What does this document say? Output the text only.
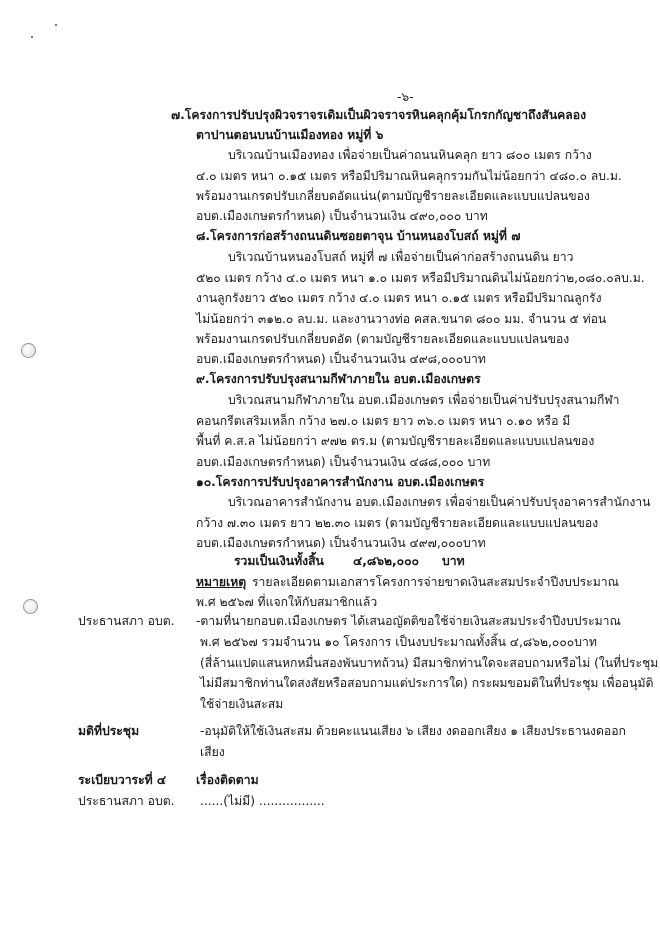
-๖-
๗.โครงการปรับปรุงผิวจราจรเดิมเป็นผิวจราจรหินคลุกคุ้มโกรกกัญชาถึงสันคลอง
ตาปานตอนบนบ้านเมืองทอง หมู่ที่ ๖
บริเวณบ้านเมืองทอง เพื่อจ่ายเป็นค่าถนนหินคลุก ยาว ๘๐๐ เมตร กว้าง
๔.๐ เมตร หนา ๐.๑๕ เมตร หรือมีปริมาณหินคลุกรวมกันไม่น้อยกว่า ๔๘๐.๐ ลบ.ม.
พร้อมงานเกรดปรับเกลี่ยบดอัดแน่น(ตามบัญชีรายละเอียดและแบบแปลนของ
อบต.เมืองเกษตรกำหนด) เป็นจำนวนเงิน ๔๙๐,๐๐๐ บาท
๘.โครงการก่อสร้างถนนดินซอยตาจุน บ้านหนองโบสถ์ หมู่ที่ ๗
บริเวณบ้านหนองโบสถ์ หมู่ที่ ๗ เพื่อจ่ายเป็นค่าก่อสร้างถนนดิน ยาว
๕๒๐ เมตร กว้าง ๔.๐ เมตร หนา ๑.๐ เมตร หรือมีปริมาณดินไม่น้อยกว่า๒,๐๘๐.๐ลบ.ม.
งานลูกรังยาว ๕๒๐ เมตร กว้าง ๔.๐ เมตร หนา ๐.๑๕ เมตร หรือมีปริมาณลูกรัง
ไม่น้อยกว่า ๓๑๒.๐ ลบ.ม. และงานวางท่อ คสล.ขนาด ๘๐๐ มม. จำนวน ๕ ท่อน
พร้อมงานเกรดปรับเกลี่ยบดอัด (ตามบัญชีรายละเอียดและแบบแปลนของ
อบต.เมืองเกษตรกำหนด) เป็นจำนวนเงิน ๔๙๘,๐๐๐บาท
๙.โครงการปรับปรุงสนามกีฬาภายใน อบต.เมืองเกษตร
บริเวณสนามกีฬาภายใน อบต.เมืองเกษตร เพื่อจ่ายเป็นค่าปรับปรุงสนามกีฬา
คอนกรีตเสริมเหล็ก กว้าง ๒๗.๐ เมตร ยาว ๓๖.๐ เมตร หนา ๐.๑๐ หรือ มี
พื้นที่ ค.ส.ล ไม่น้อยกว่า ๙๗๒ ตร.ม (ตามบัญชีรายละเอียดและแบบแปลนของ
อบต.เมืองเกษตรกำหนด) เป็นจำนวนเงิน ๔๘๘,๐๐๐ บาท
๑๐.โครงการปรับปรุงอาคารสำนักงาน อบต.เมืองเกษตร
บริเวณอาคารสำนักงาน อบต.เมืองเกษตร เพื่อจ่ายเป็นค่าปรับปรุงอาคารสำนักงาน
กว้าง ๗.๓๐ เมตร ยาว ๒๒.๓๐ เมตร (ตามบัญชีรายละเอียดและแบบแปลนของ
อบต.เมืองเกษตรกำหนด) เป็นจำนวนเงิน ๔๙๗,๐๐๐บาท
รวมเป็นเงินทั้งสิ้น ๔,๘๖๒,๐๐๐ บาท
หมายเหตุ รายละเอียดตามเอกสารโครงการจ่ายขาดเงินสะสมประจำปีงบประมาณ
พ.ศ ๒๕๖๗ ที่แจกให้กับสมาชิกแล้ว
ประธานสภา อบต. -ตามที่นายกอบต.เมืองเกษตร ได้เสนอญัตติขอใช้จ่ายเงินสะสมประจำปีงบประมาณ
พ.ศ ๒๕๖๗ รวมจำนวน ๑๐ โครงการ เป็นงบประมาณทั้งสิ้น ๔,๘๖๒,๐๐๐บาท
(สี่ล้านแปดแสนหกหมื่นสองพันบาทถ้วน) มีสมาชิกท่านใดจะสอบถามหรือไม่ (ในที่ประชุม
ไม่มีสมาชิกท่านใดสงสัยหรือสอบถามแต่ประการใด) กระผมขอมติในที่ประชุม เพื่ออนุมัติ
ใช้จ่ายเงินสะสม
มติที่ประชุม	-อนุมัติให้ใช้เงินสะสม ด้วยคะแนนเสียง ๖ เสียง งดออกเสียง ๑ เสียงประธานงดออก
เสียง
ระเบียบวาระที่ ๔ เรื่องติดตาม
ประธานสภา อบต. ......(ไม่มี) .................
